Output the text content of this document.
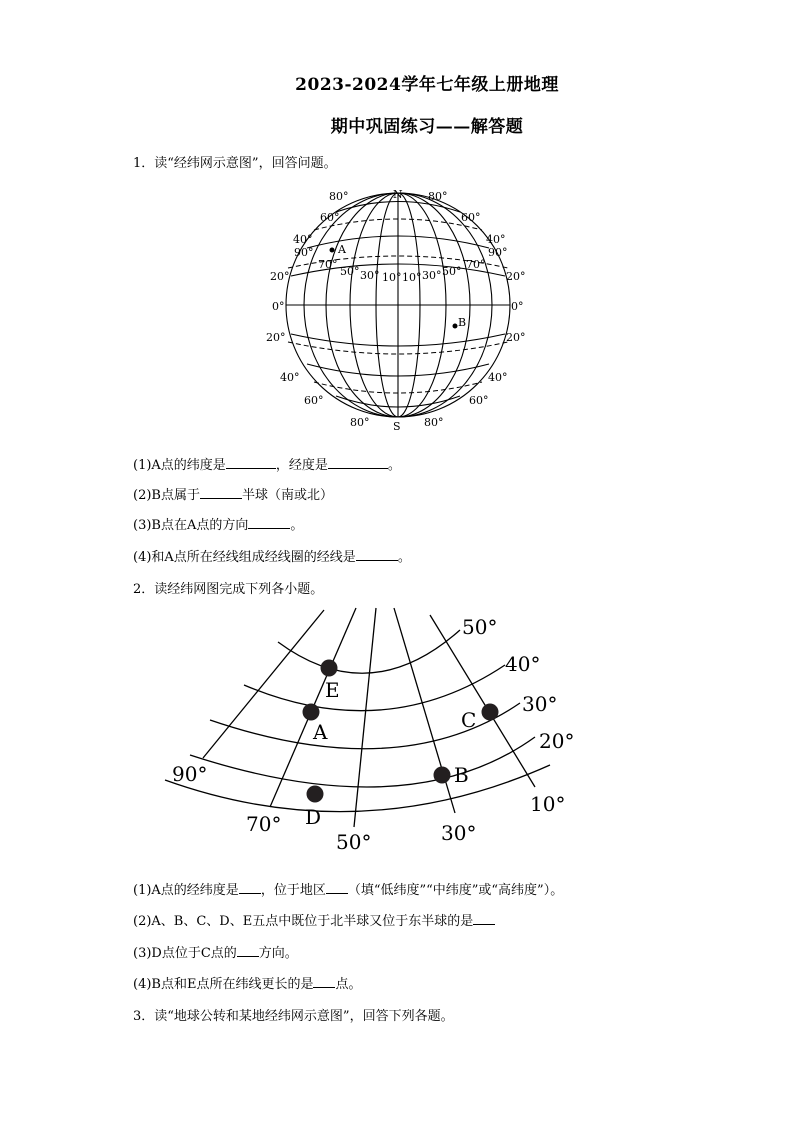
2023-2024学年七年级上册地理
期中巩固练习——解答题
1．读“经纬网示意图”，回答问题。
N
S
A
B
80°
60°
40°
20°
0°
20°
40°
60°
80°
80°
60°
40°
20°
0°
20°
40°
60°
80°
90°
70°
50° 30° 10° 10° 30° 50°
70°
90°
(1)A点的纬度是	，经度是	。
(2)B点属于	半球（南或北）
(3)B点在A点的方向	。
(4)和A点所在经线组成经线圈的经线是	。
2．读经纬网图完成下列各小题。
E
A	C
B
D
50°
40°
30°
20°
90°
70°
50°	30°
10°
(1)A点的经纬度是 ，位于地区 （填“低纬度”“中纬度”或“高纬度”）。
(2)A、B、C、D、E五点中既位于北半球又位于东半球的是
(3)D点位于C点的 方向。
(4)B点和E点所在纬线更长的是 点。
3．读“地球公转和某地经纬网示意图”，回答下列各题。
